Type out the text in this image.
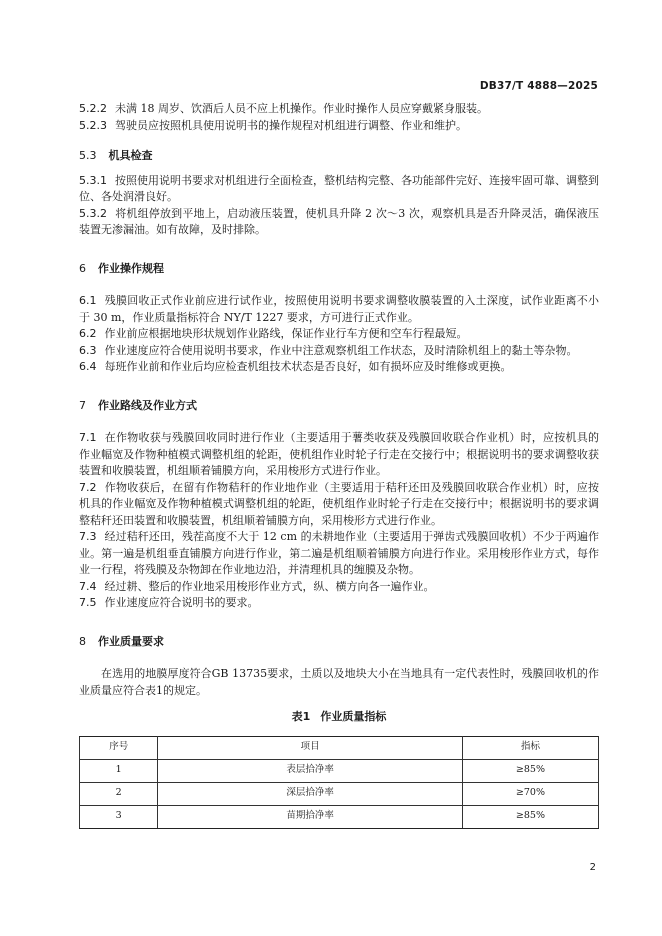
DB37/T 4888—2025

5.2.2 未满 18 周岁、饮酒后人员不应上机操作。作业时操作人员应穿戴紧身服装。

5.2.3 驾驶员应按照机具使用说明书的操作规程对机组进行调整、作业和维护。

5.3 机具检查

5.3.1 按照使用说明书要求对机组进行全面检查，整机结构完整、各功能部件完好、连接牢固可靠、调整到位、各处润滑良好。

5.3.2 将机组停放到平地上，启动液压装置，使机具升降 2 次～3 次，观察机具是否升降灵活，确保液压装置无渗漏油。如有故障，及时排除。

6 作业操作规程

6.1 残膜回收正式作业前应进行试作业，按照使用说明书要求调整收膜装置的入土深度，试作业距离不小于 30 m，作业质量指标符合 NY/T 1227 要求，方可进行正式作业。

6.2 作业前应根据地块形状规划作业路线，保证作业行车方便和空车行程最短。

6.3 作业速度应符合使用说明书要求，作业中注意观察机组工作状态，及时清除机组上的黏土等杂物。

6.4 每班作业前和作业后均应检查机组技术状态是否良好，如有损坏应及时维修或更换。

7 作业路线及作业方式

7.1 在作物收获与残膜回收同时进行作业（主要适用于薯类收获及残膜回收联合作业机）时，应按机具的作业幅宽及作物种植模式调整机组的轮距，使机组作业时轮子行走在交接行中；根据说明书的要求调整收获装置和收膜装置，机组顺着铺膜方向，采用梭形方式进行作业。

7.2 作物收获后，在留有作物秸秆的作业地作业（主要适用于秸秆还田及残膜回收联合作业机）时，应按机具的作业幅宽及作物种植模式调整机组的轮距，使机组作业时轮子行走在交接行中；根据说明书的要求调整秸秆还田装置和收膜装置，机组顺着铺膜方向，采用梭形方式进行作业。

7.3 经过秸秆还田，残茬高度不大于 12 cm 的未耕地作业（主要适用于弹齿式残膜回收机）不少于两遍作业。第一遍是机组垂直铺膜方向进行作业，第二遍是机组顺着铺膜方向进行作业。采用梭形作业方式，每作业一行程，将残膜及杂物卸在作业地边沿，并清理机具的缠膜及杂物。

7.4 经过耕、整后的作业地采用梭形作业方式，纵、横方向各一遍作业。

7.5 作业速度应符合说明书的要求。

8 作业质量要求

在选用的地膜厚度符合GB 13735要求，土质以及地块大小在当地具有一定代表性时，残膜回收机的作业质量应符合表1的规定。

表1 作业质量指标
序号	项目	指标
1	表层拾净率	≥85%
2	深层拾净率	≥70%
3	苗期拾净率	≥85%
2
